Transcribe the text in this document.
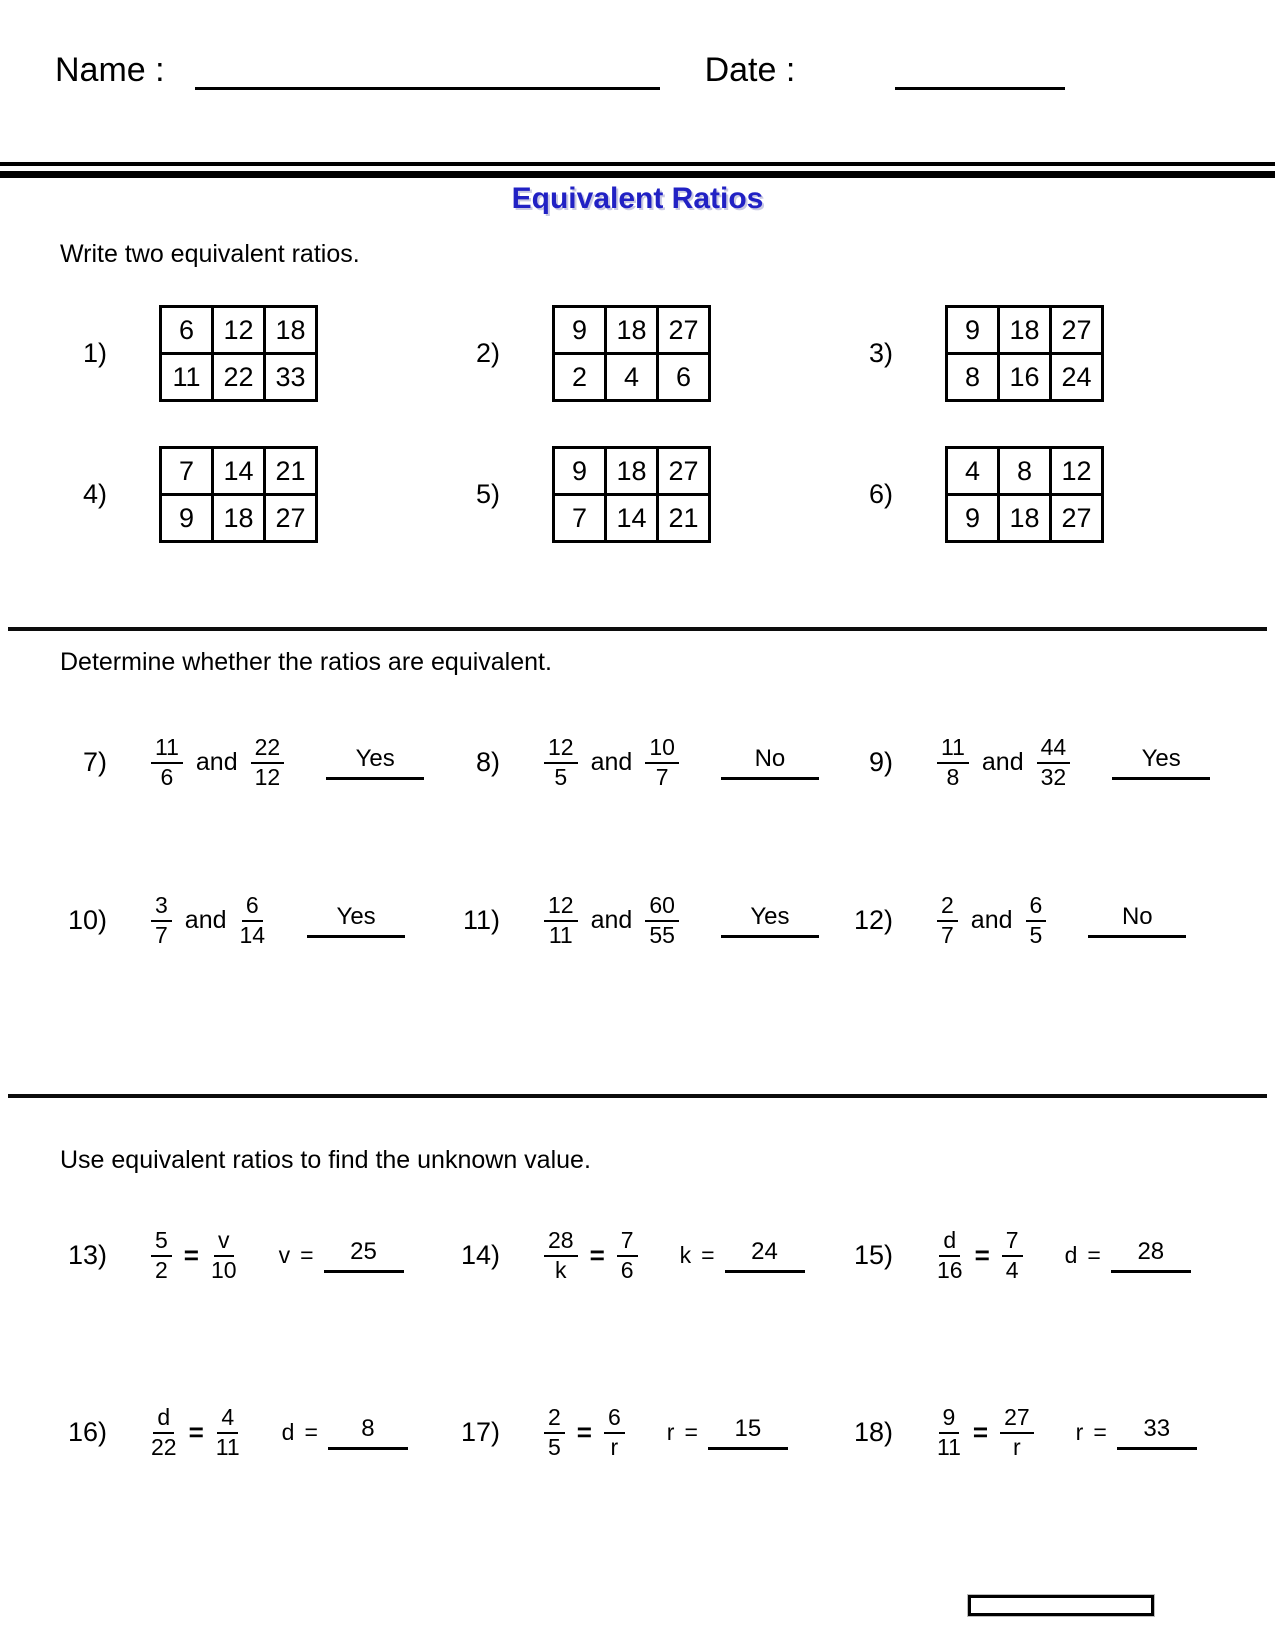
Name :	Date :
Equivalent Ratios
Write two equivalent ratios.
1)
6	12	18
11	22	33
2)
9	18	27
2	4	6
3)
9	18	27
8	16	24
4)
7	14	21
9	18	27
5)
9	18	27
7	14	21
6)
4	8	12
9	18	27
Determine whether the ratios are equivalent.
$7) \frac{11}{6}$ and $\frac{22}{12}$	Yes	$8) \frac{12}{5}$ and $\frac{10}{7}$	No	$9) \frac{11}{8}$ and $\frac{44}{32}$	Yes
$10) \frac{3}{7}$ and $\frac{6}{14}$	Yes	$11) \frac{12}{11}$ and $\frac{60}{55}$	Yes	$12) \frac{2}{7}$ and $\frac{6}{5}$	No
Use equivalent ratios to find the unknown value.
$13) \frac{5}{2} = \frac{v}{10}$ v =	25	$14) \frac{28}{k} = \frac{7}{6}$ k =	24	$15) \frac{d}{16} = \frac{7}{4}$ d =	28
$16) \frac{d}{22} = \frac{4}{11}$ d =	8	$17) \frac{2}{5} = \frac{6}{r}$ r =	15	$18) \frac{9}{11} = \frac{27}{r}$ r =	33
